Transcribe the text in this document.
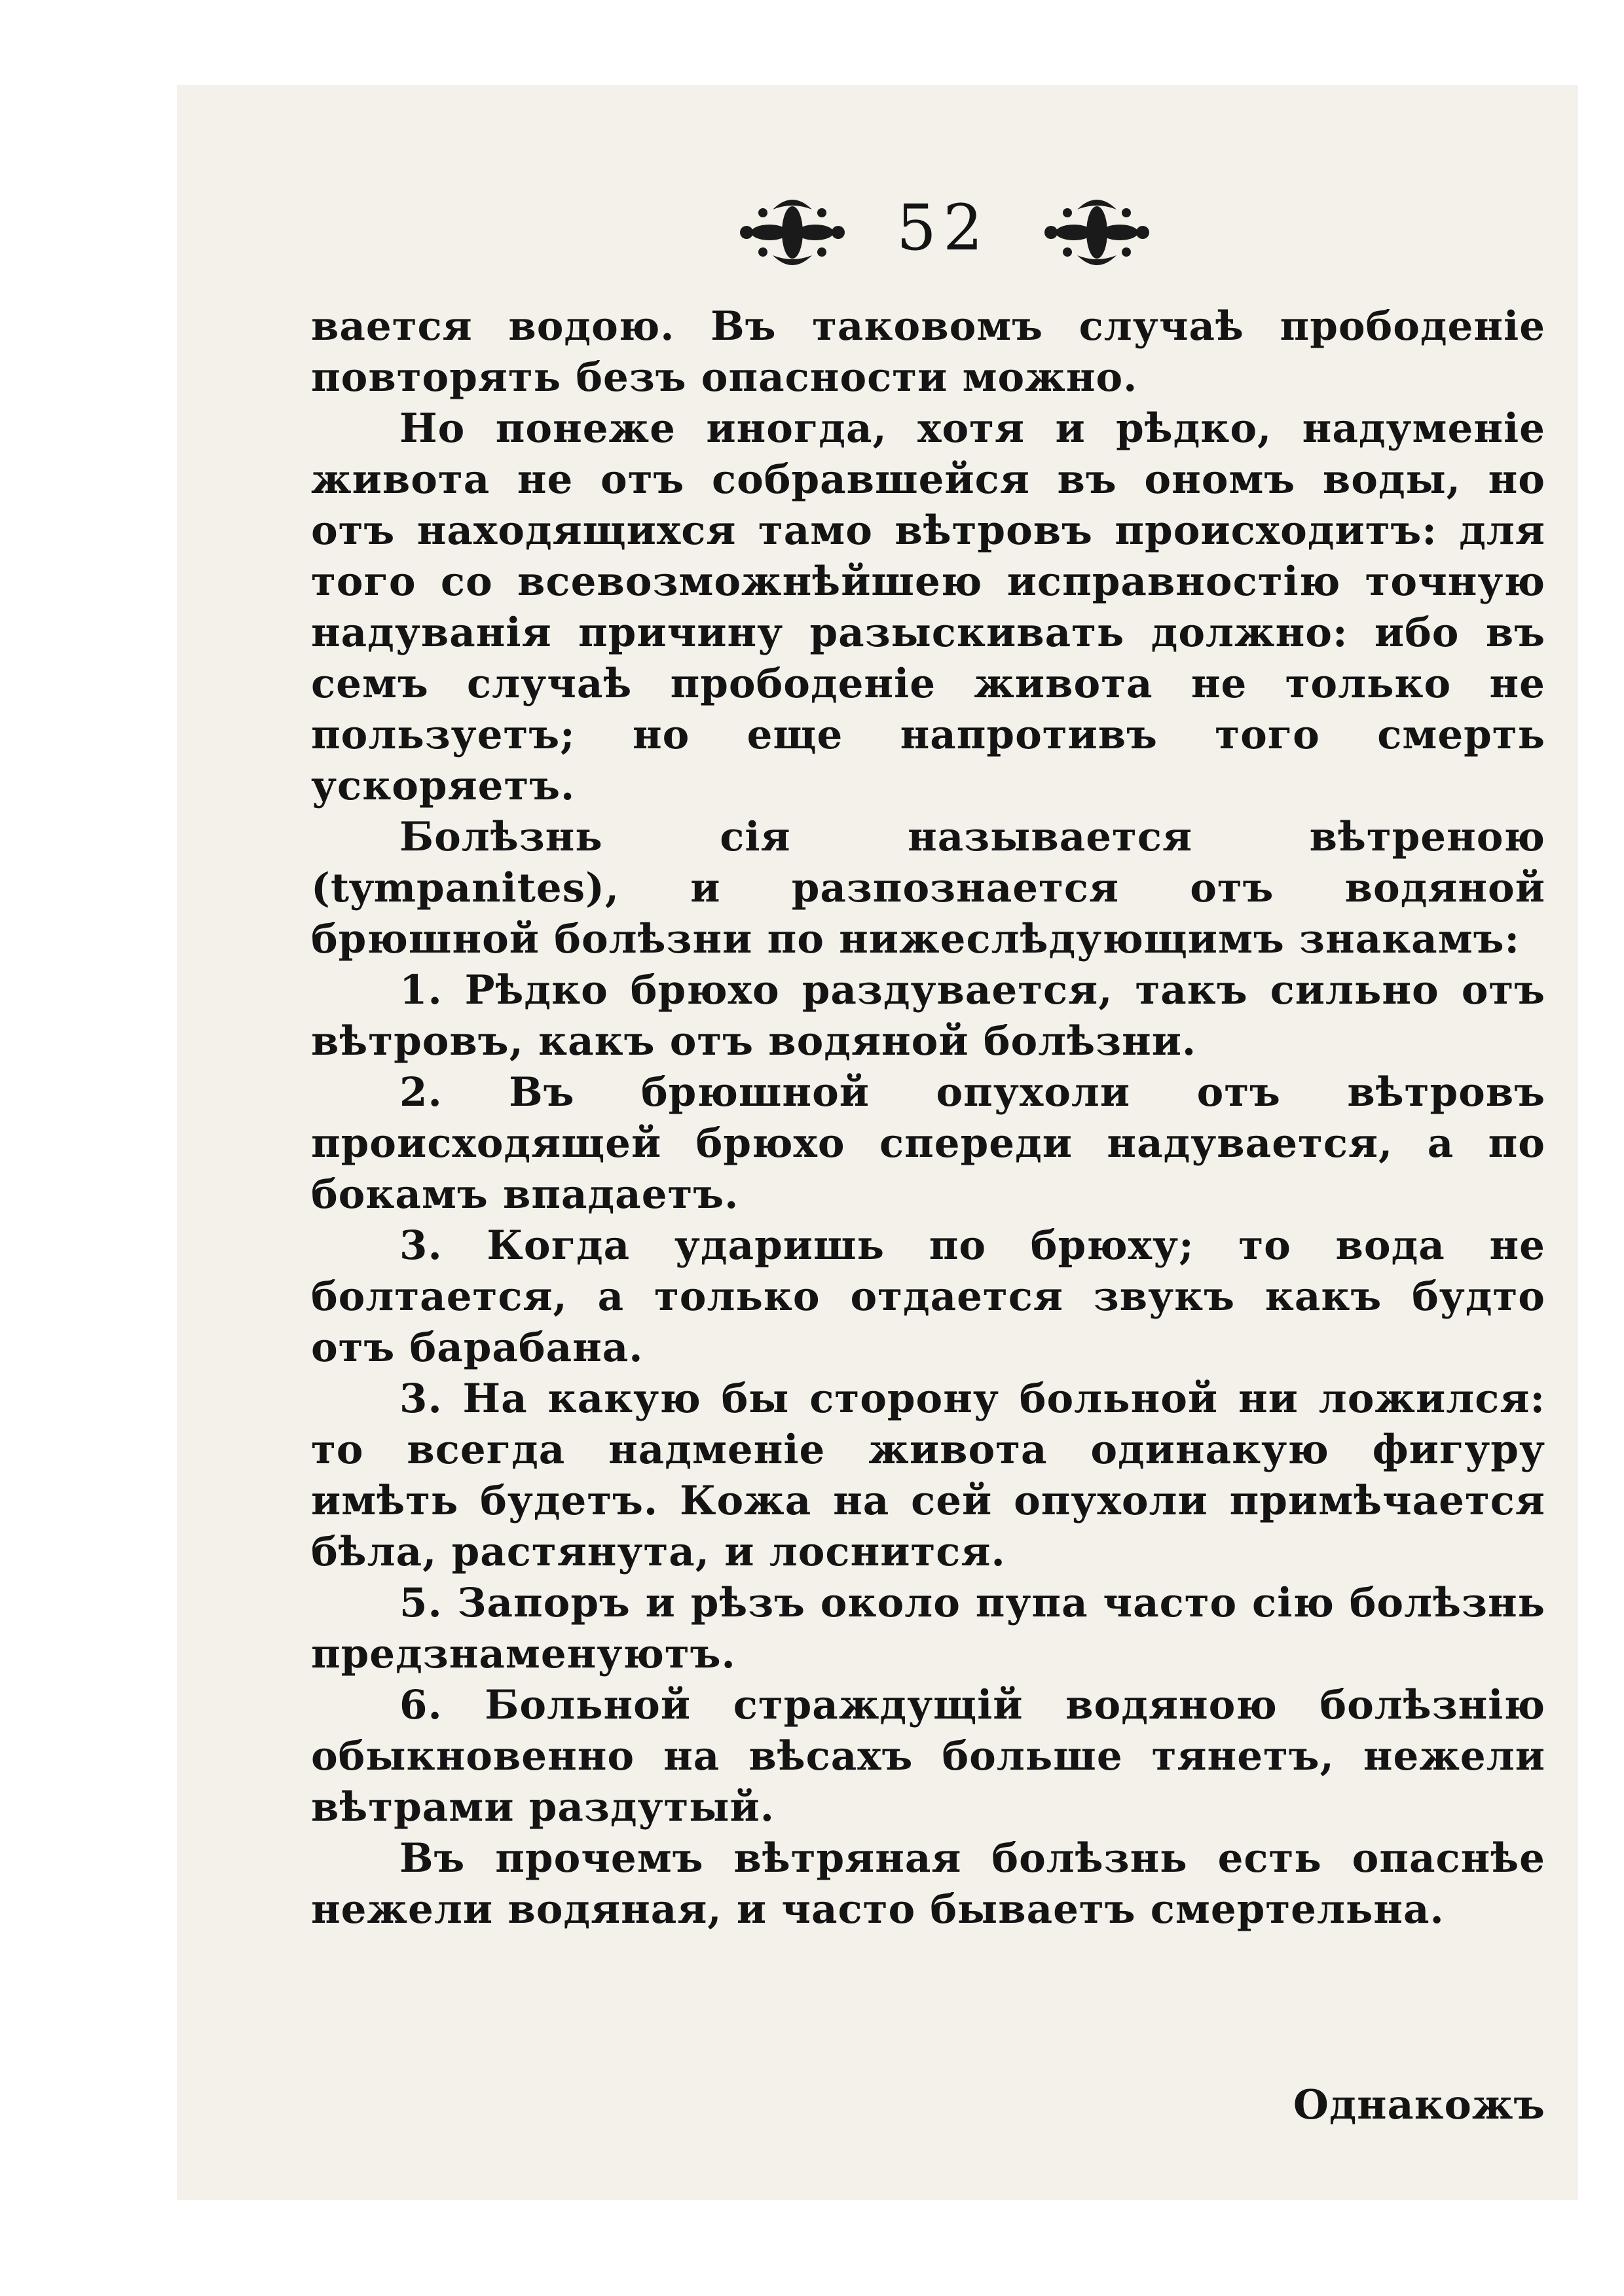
52

вается водою. Въ таковомъ случаѣ прободеніе повторять безъ опасности можно.

Но понеже иногда, хотя и рѣдко, надуменіе живота не отъ собравшейся въ ономъ воды, но отъ находящихся тамо вѣтровъ происходитъ: для того со всевозможнѣйшею исправностію точную надуванія причину разыскивать должно: ибо въ семъ случаѣ прободеніе живота не только не пользуетъ; но еще напротивъ того смерть ускоряетъ.

Болѣзнь сія называется вѣтреною (tympanites), и разпознается отъ водяной брюшной болѣзни по нижеслѣдующимъ знакамъ:

1. Рѣдко брюхо раздувается, такъ сильно отъ вѣтровъ, какъ отъ водяной болѣзни.

2. Въ брюшной опухоли отъ вѣтровъ происходящей брюхо спереди надувается, а по бокамъ впадаетъ.

3. Когда ударишь по брюху; то вода не болтается, а только отдается звукъ какъ будто отъ барабана.

3. На какую бы сторону больной ни ложился: то всегда надменіе живота одинакую фигуру имѣть будетъ. Кожа на сей опухоли примѣчается бѣла, растянута, и лоснится.

5. Запоръ и рѣзъ около пупа часто сію болѣзнь предзнаменуютъ.

6. Больной страждущій водяною болѣзнію обыкновенно на вѣсахъ больше тянетъ, нежели вѣтрами раздутый.

Въ прочемъ вѣтряная болѣзнь есть опаснѣе нежели водяная, и часто бываетъ смертельна.

Однакожъ
